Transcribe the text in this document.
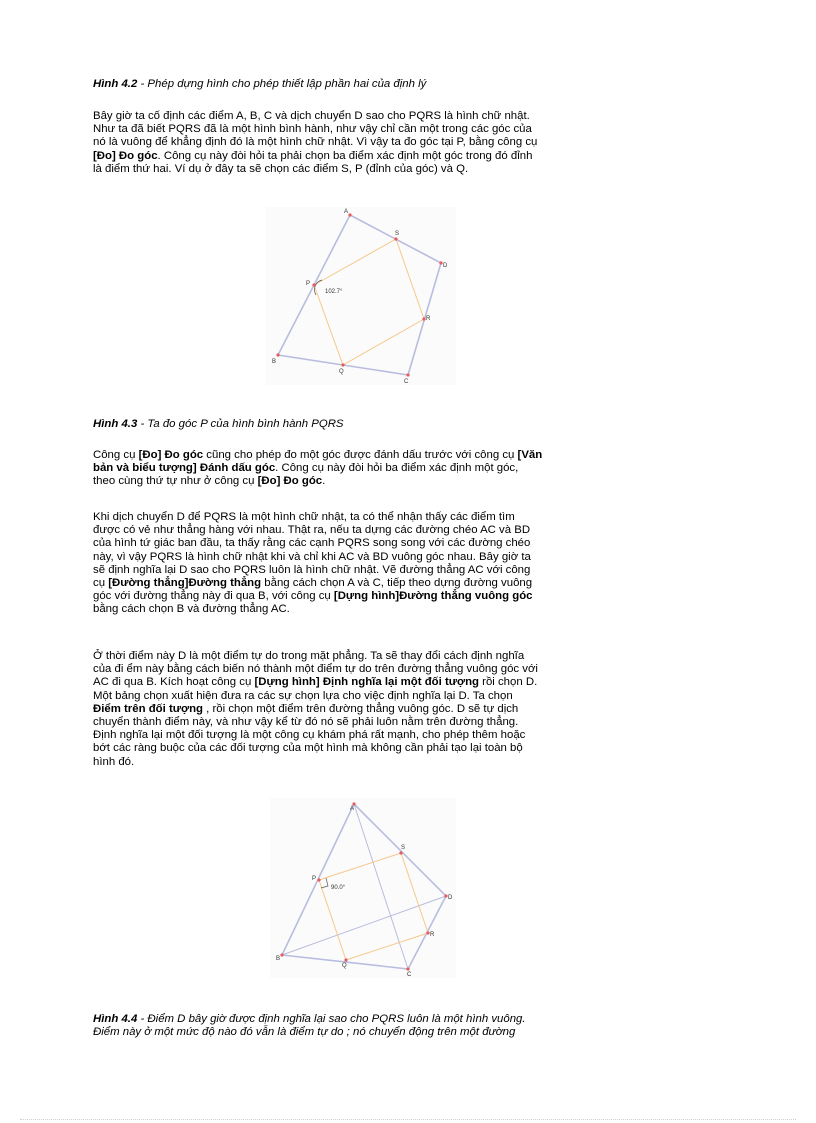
Hình 4.2 - Phép dựng hình cho phép thiết lập phần hai của định lý
Bây giờ ta cố định các điểm A, B, C và dịch chuyển D sao cho PQRS là hình chữ nhật.
Như ta đã biết PQRS đã là một hình bình hành, như vậy chỉ cần một trong các góc của
nó là vuông để khẳng định đó là một hình chữ nhật. Vì vậy ta đo góc tại P, bằng công cụ
[Đo] Đo góc. Công cụ này đòi hỏi ta phải chọn ba điểm xác định một góc trong đó đỉnh
là điểm thứ hai. Ví dụ ở đây ta sẽ chọn các điểm S, P (đỉnh của góc) và Q.
102.7°
A
S
D
P
R
B
Q
C
Hình 4.3 - Ta đo góc P của hình bình hành PQRS
Công cụ [Đo] Đo góc cũng cho phép đo một góc được đánh dấu trước với công cụ [Văn
bản và biểu tượng] Đánh dấu góc. Công cụ này đòi hỏi ba điểm xác định một góc,
theo cùng thứ tự như ở công cụ [Đo] Đo góc.
Khi dịch chuyển D để PQRS là một hình chữ nhật, ta có thể nhận thấy các điểm tìm
được có vẻ như thẳng hàng với nhau. Thật ra, nếu ta dựng các đường chéo AC và BD
của hình tứ giác ban đầu, ta thấy rằng các cạnh PQRS song song với các đường chéo
này, vì vậy PQRS là hình chữ nhật khi và chỉ khi AC và BD vuông góc nhau. Bây giờ ta
sẽ định nghĩa lại D sao cho PQRS luôn là hình chữ nhật. Vẽ đường thẳng AC với công
cụ [Đường thẳng]Đường thẳng bằng cách chọn A và C, tiếp theo dựng đường vuông
góc với đường thẳng này đi qua B, với công cụ [Dựng hình]Đường thẳng vuông góc
bằng cách chọn B và đường thẳng AC.
Ở thời điểm này D là một điểm tự do trong mặt phẳng. Ta sẽ thay đổi cách định nghĩa
của đi ểm này bằng cách biến nó thành một điểm tự do trên đường thẳng vuông góc với
AC đi qua B. Kích hoạt công cụ [Dựng hình] Định nghĩa lại một đối tượng rồi chọn D.
Một bảng chọn xuất hiện đưa ra các sự chọn lựa cho việc định nghĩa lại D. Ta chọn
Điểm trên đối tượng , rồi chọn một điểm trên đường thẳng vuông góc. D sẽ tự dịch
chuyển thành điểm này, và như vậy kể từ đó nó sẽ phải luôn nằm trên đường thẳng.
Định nghĩa lại một đối tượng là một công cụ khám phá rất mạnh, cho phép thêm hoặc
bớt các ràng buộc của các đối tượng của một hình mà không cần phải tạo lại toàn bộ
hình đó.
90.0°
A
S
D
P
R
B
Q
C
Hình 4.4 - Điểm D bây giờ được định nghĩa lại sao cho PQRS luôn là một hình vuông.
Điểm này ở một mức độ nào đó vẫn là điểm tự do ; nó chuyển động trên một đường
